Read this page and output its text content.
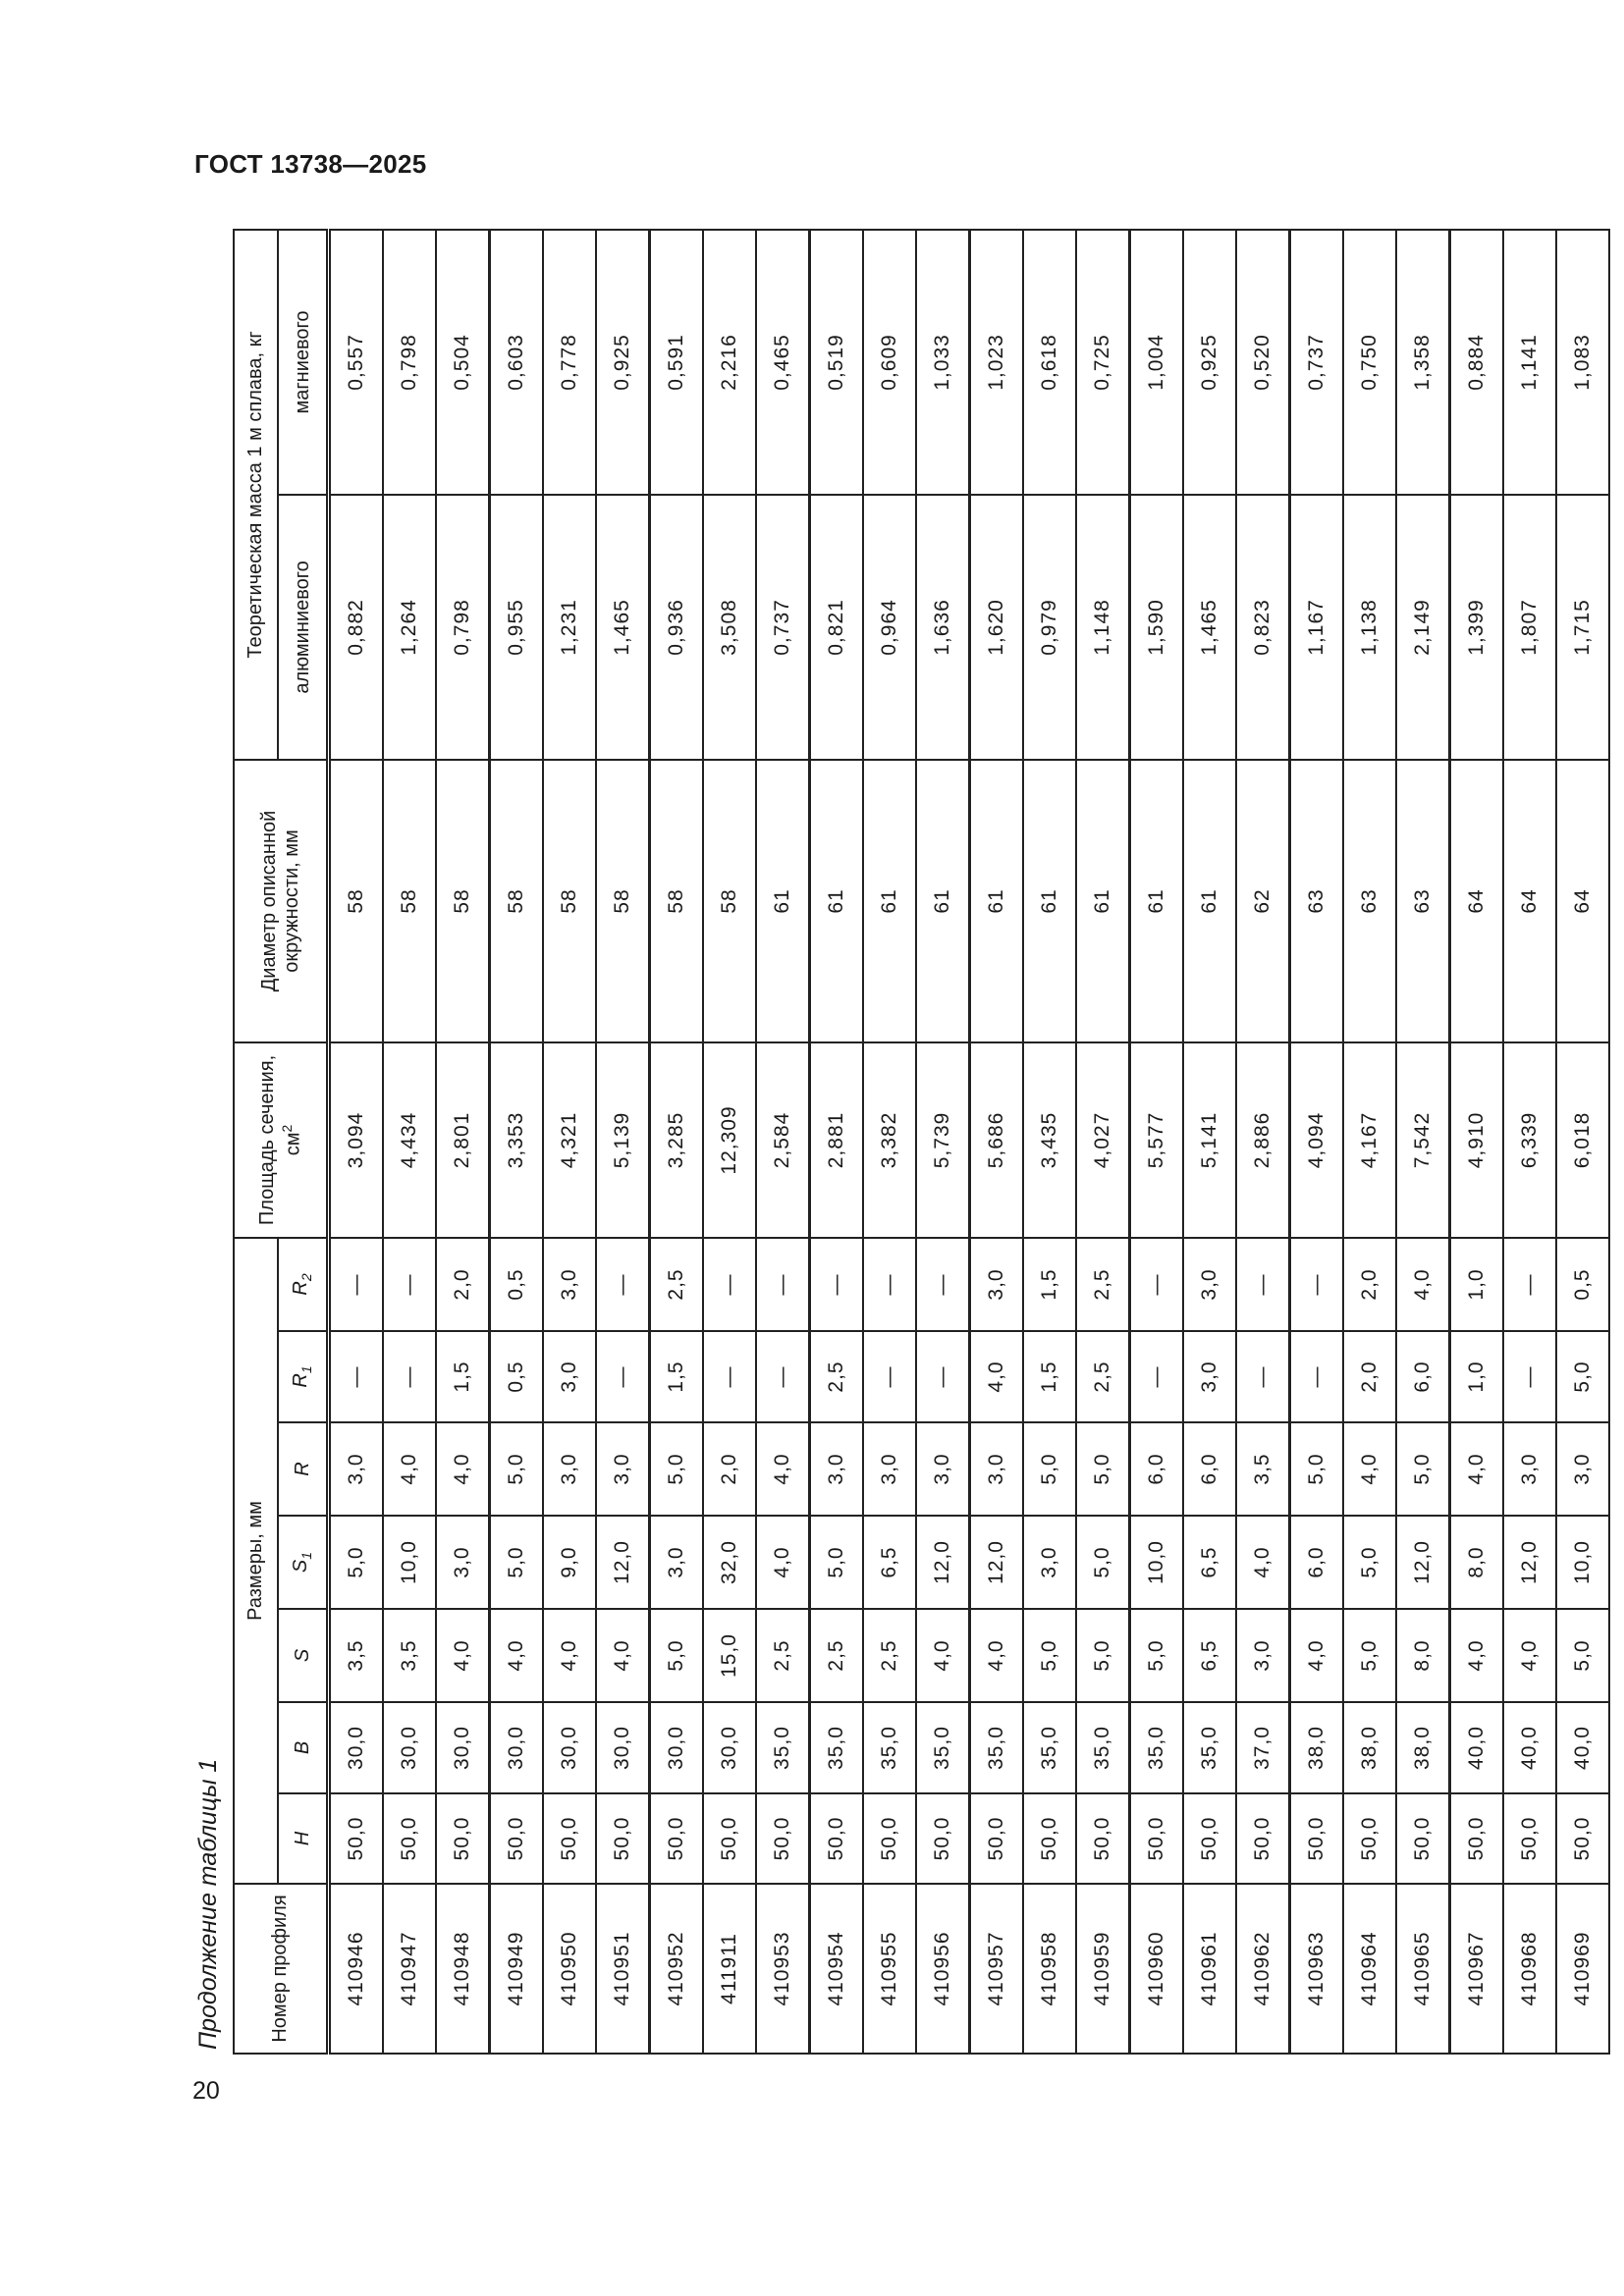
ГОСТ 13738—2025
Продолжение таблицы 1 Номер профиля	Размеры, мм							Площадь сечения, $см^2$	Диаметр описанной окружности, мм	Теоретическая масса 1 м сплава, кг	
	H	B	S	$S_1$	R	$R_1$	$R_2$			алюминиевого	магниевого
410946	50,0	30,0	3,5	5,0	3,0	—	—	3,094	58	0,882	0,557
410947	50,0	30,0	3,5	10,0	4,0	—	—	4,434	58	1,264	0,798
410948	50,0	30,0	4,0	3,0	4,0	1,5	2,0	2,801	58	0,798	0,504
410949	50,0	30,0	4,0	5,0	5,0	0,5	0,5	3,353	58	0,955	0,603
410950	50,0	30,0	4,0	9,0	3,0	3,0	3,0	4,321	58	1,231	0,778
410951	50,0	30,0	4,0	12,0	3,0	—	—	5,139	58	1,465	0,925
410952	50,0	30,0	5,0	3,0	5,0	1,5	2,5	3,285	58	0,936	0,591
411911	50,0	30,0	15,0	32,0	2,0	—	—	12,309	58	3,508	2,216
410953	50,0	35,0	2,5	4,0	4,0	—	—	2,584	61	0,737	0,465
410954	50,0	35,0	2,5	5,0	3,0	2,5	—	2,881	61	0,821	0,519
410955	50,0	35,0	2,5	6,5	3,0	—	—	3,382	61	0,964	0,609
410956	50,0	35,0	4,0	12,0	3,0	—	—	5,739	61	1,636	1,033
410957	50,0	35,0	4,0	12,0	3,0	4,0	3,0	5,686	61	1,620	1,023
410958	50,0	35,0	5,0	3,0	5,0	1,5	1,5	3,435	61	0,979	0,618
410959	50,0	35,0	5,0	5,0	5,0	2,5	2,5	4,027	61	1,148	0,725
410960	50,0	35,0	5,0	10,0	6,0	—	—	5,577	61	1,590	1,004
410961	50,0	35,0	6,5	6,5	6,0	3,0	3,0	5,141	61	1,465	0,925
410962	50,0	37,0	3,0	4,0	3,5	—	—	2,886	62	0,823	0,520
410963	50,0	38,0	4,0	6,0	5,0	—	—	4,094	63	1,167	0,737
410964	50,0	38,0	5,0	5,0	4,0	2,0	2,0	4,167	63	1,138	0,750
410965	50,0	38,0	8,0	12,0	5,0	6,0	4,0	7,542	63	2,149	1,358
410967	50,0	40,0	4,0	8,0	4,0	1,0	1,0	4,910	64	1,399	0,884
410968	50,0	40,0	4,0	12,0	3,0	—	—	6,339	64	1,807	1,141
410969	50,0	40,0	5,0	10,0	3,0	5,0	0,5	6,018	64	1,715	1,083
20
